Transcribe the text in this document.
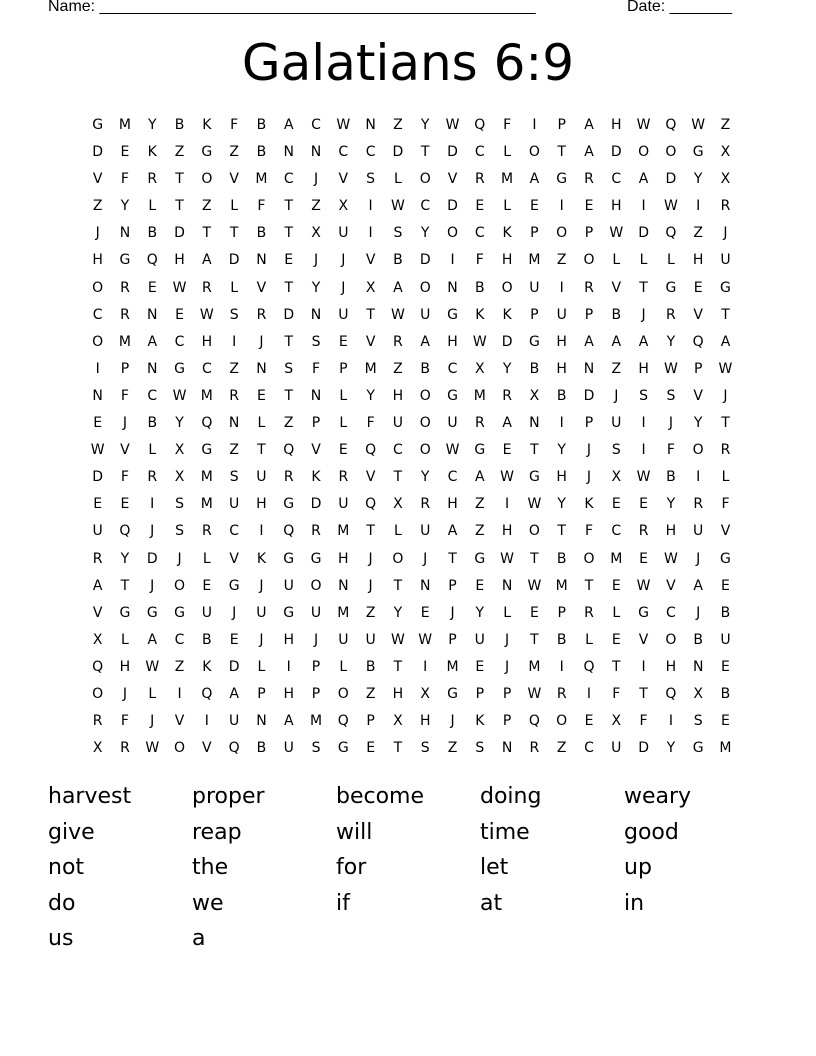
Name: _________________________________________________	Date: _______
Galatians 6:9
G	M	Y	B	K	F	B	A	C	W	N	Z	Y	W	Q	F	I	P	A	H	W	Q	W	Z
D	E	K	Z	G	Z	B	N	N	C	C	D	T	D	C	L	O	T	A	D	O	O	G	X
V	F	R	T	O	V	M	C	J	V	S	L	O	V	R	M	A	G	R	C	A	D	Y	X
Z	Y	L	T	Z	L	F	T	Z	X	I	W	C	D	E	L	E	I	E	H	I	W	I	R
J	N	B	D	T	T	B	T	X	U	I	S	Y	O	C	K	P	O	P	W	D	Q	Z	J
H	G	Q	H	A	D	N	E	J	J	V	B	D	I	F	H	M	Z	O	L	L	L	H	U
O	R	E	W	R	L	V	T	Y	J	X	A	O	N	B	O	U	I	R	V	T	G	E	G
C	R	N	E	W	S	R	D	N	U	T	W	U	G	K	K	P	U	P	B	J	R	V	T
O	M	A	C	H	I	J	T	S	E	V	R	A	H	W	D	G	H	A	A	A	Y	Q	A
I	P	N	G	C	Z	N	S	F	P	M	Z	B	C	X	Y	B	H	N	Z	H	W	P	W
N	F	C	W	M	R	E	T	N	L	Y	H	O	G	M	R	X	B	D	J	S	S	V	J
E	J	B	Y	Q	N	L	Z	P	L	F	U	O	U	R	A	N	I	P	U	I	J	Y	T
W	V	L	X	G	Z	T	Q	V	E	Q	C	O	W	G	E	T	Y	J	S	I	F	O	R
D	F	R	X	M	S	U	R	K	R	V	T	Y	C	A	W	G	H	J	X	W	B	I	L
E	E	I	S	M	U	H	G	D	U	Q	X	R	H	Z	I	W	Y	K	E	E	Y	R	F
U	Q	J	S	R	C	I	Q	R	M	T	L	U	A	Z	H	O	T	F	C	R	H	U	V
R	Y	D	J	L	V	K	G	G	H	J	O	J	T	G	W	T	B	O	M	E	W	J	G
A	T	J	O	E	G	J	U	O	N	J	T	N	P	E	N	W	M	T	E	W	V	A	E
V	G	G	G	U	J	U	G	U	M	Z	Y	E	J	Y	L	E	P	R	L	G	C	J	B
X	L	A	C	B	E	J	H	J	U	U	W W	P	U	J	T	B	L	E	V	O	B	U
Q	H	W	Z	K	D	L	I	P	L	B	T	I	M	E	J	M	I	Q	T	I	H	N	E
O	J	L	I	Q	A	P	H	P	O	Z	H	X	G	P	P	W	R	I	F	T	Q	X	B
R	F	J	V	I	U	N	A	M	Q	P	X	H	J	K	P	Q	O	E	X	F	I	S	E
X	R	W	O	V	Q	B	U	S	G	E	T	S	Z	S	N	R	Z	C	U	D	Y	G	M
harvest	proper	become	doing	weary
give	reap	will	time	good
not	the	for	let	up
do	we	if	at	in
us	a
